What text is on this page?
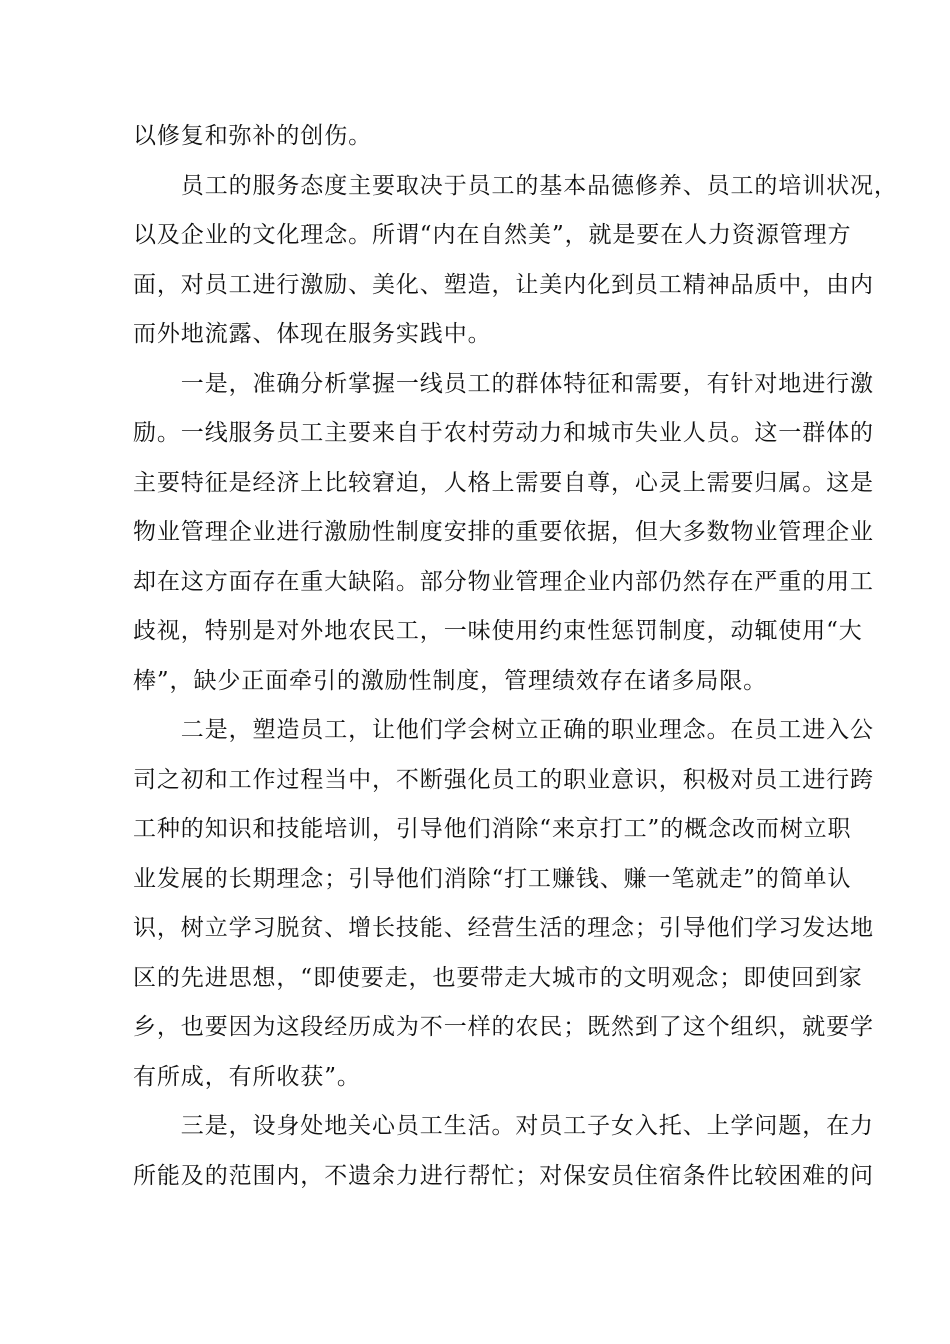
以修复和弥补的创伤。
　　员工的服务态度主要取决于员工的基本品德修养、员工的培训状况，
以及企业的文化理念。所谓“内在自然美”，就是要在人力资源管理方
面，对员工进行激励、美化、塑造，让美内化到员工精神品质中，由内
而外地流露、体现在服务实践中。
　　一是，准确分析掌握一线员工的群体特征和需要，有针对地进行激
励。一线服务员工主要来自于农村劳动力和城市失业人员。这一群体的
主要特征是经济上比较窘迫，人格上需要自尊，心灵上需要归属。这是
物业管理企业进行激励性制度安排的重要依据，但大多数物业管理企业
却在这方面存在重大缺陷。部分物业管理企业内部仍然存在严重的用工
歧视，特别是对外地农民工，一味使用约束性惩罚制度，动辄使用“大
棒”，缺少正面牵引的激励性制度，管理绩效存在诸多局限。
　　二是，塑造员工，让他们学会树立正确的职业理念。在员工进入公
司之初和工作过程当中，不断强化员工的职业意识，积极对员工进行跨
工种的知识和技能培训，引导他们消除“来京打工”的概念改而树立职
业发展的长期理念；引导他们消除“打工赚钱、赚一笔就走”的简单认
识，树立学习脱贫、增长技能、经营生活的理念；引导他们学习发达地
区的先进思想，“即使要走，也要带走大城市的文明观念；即使回到家
乡，也要因为这段经历成为不一样的农民；既然到了这个组织，就要学
有所成，有所收获”。
　　三是，设身处地关心员工生活。对员工子女入托、上学问题，在力
所能及的范围内，不遗余力进行帮忙；对保安员住宿条件比较困难的问
